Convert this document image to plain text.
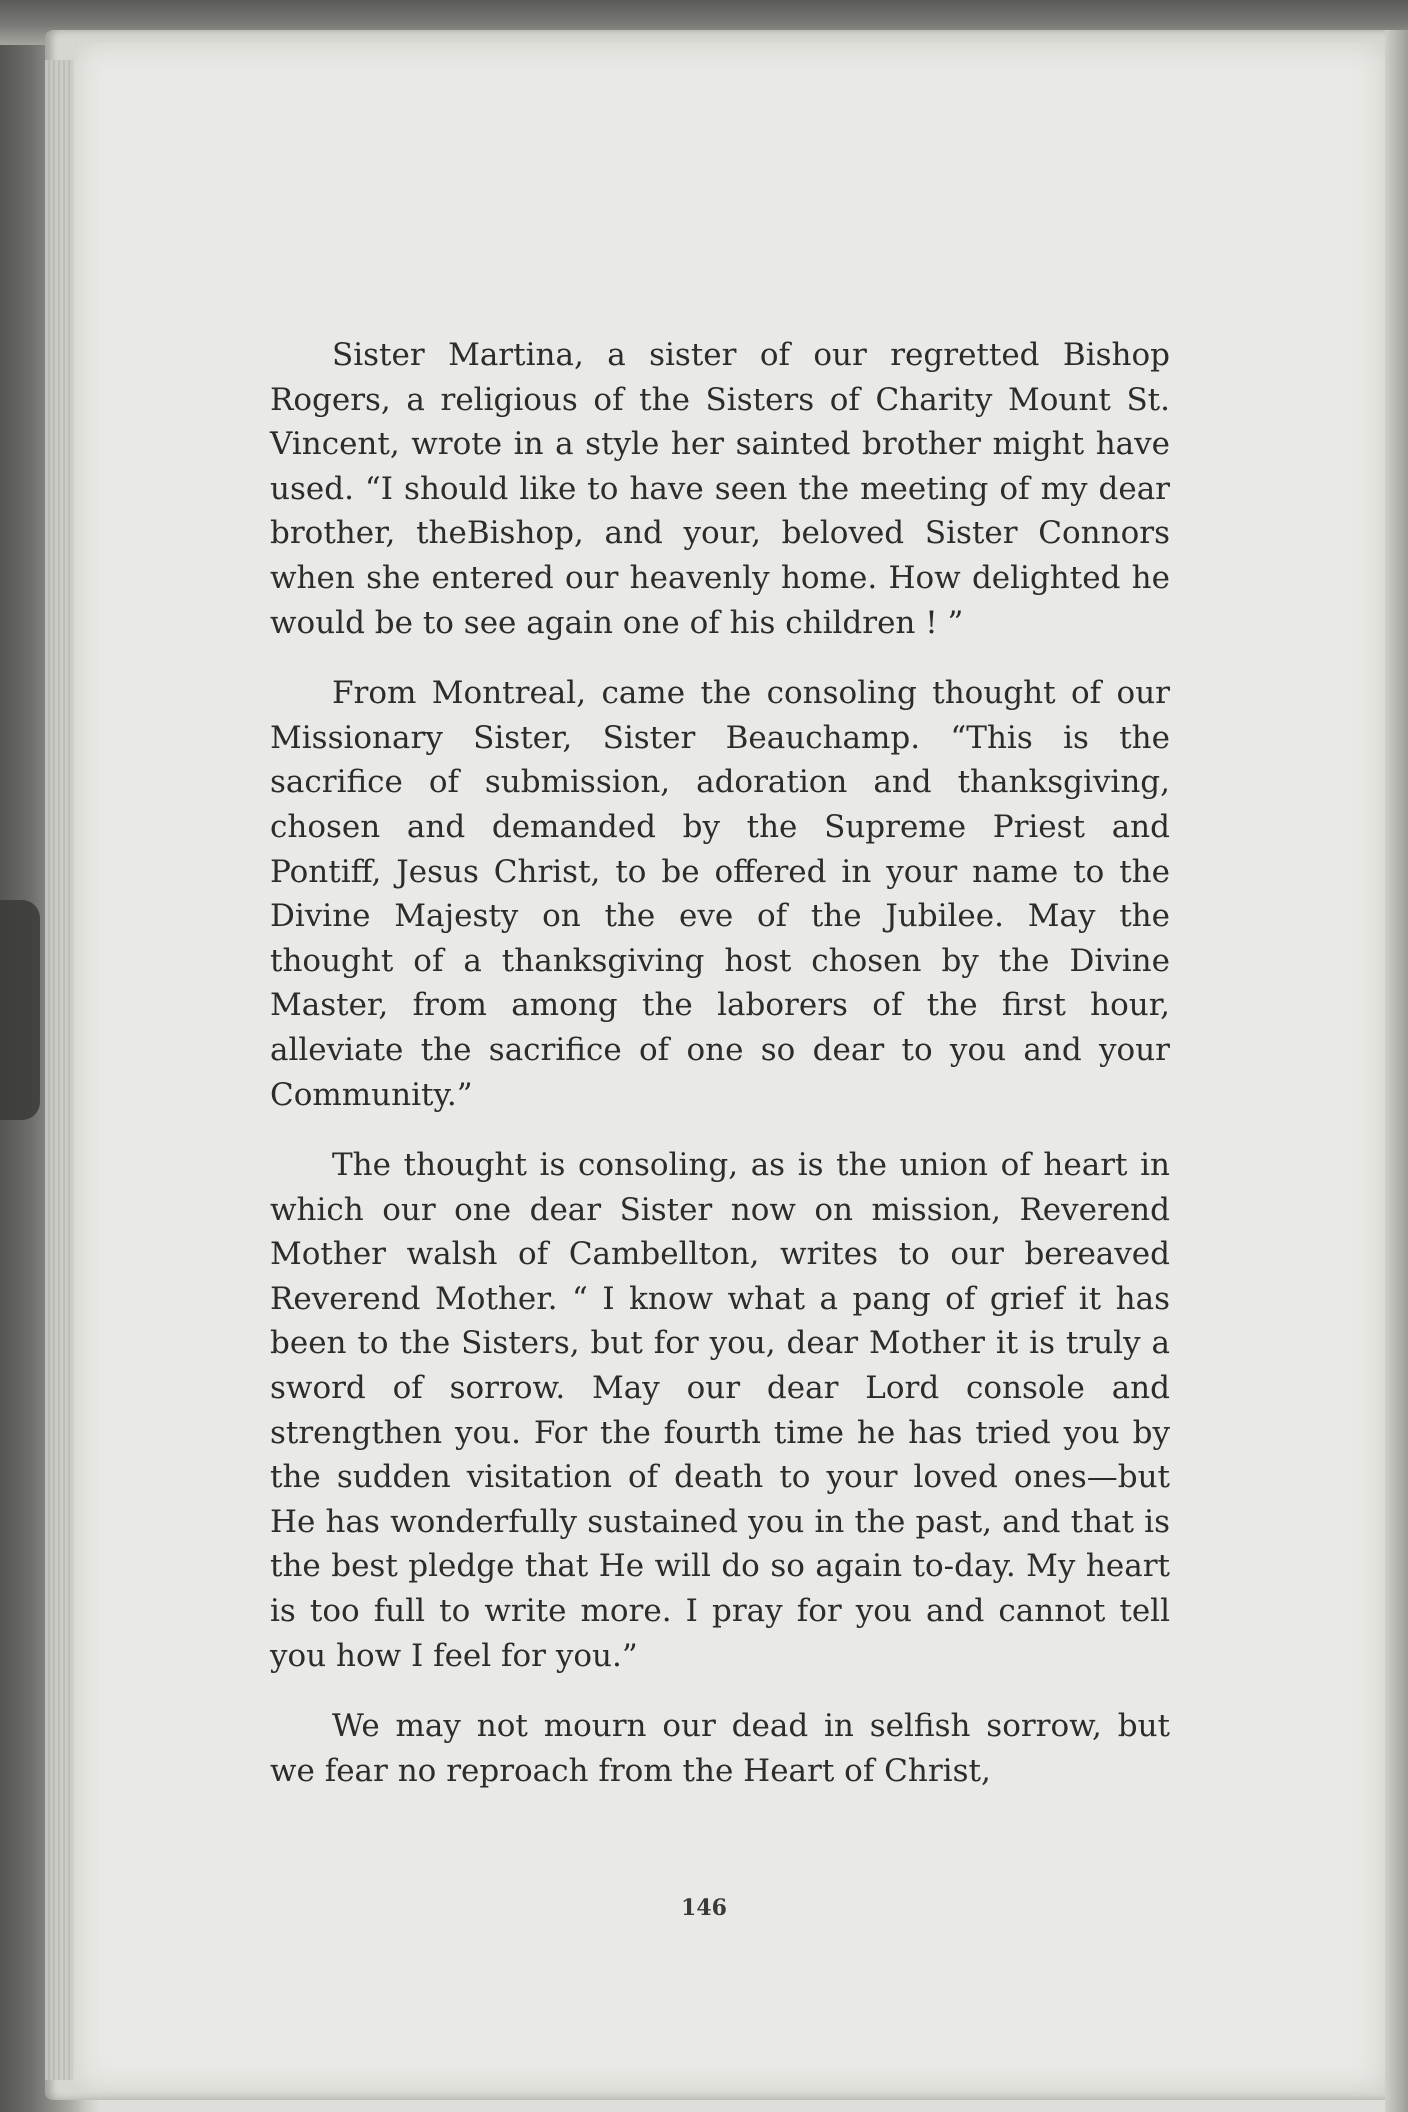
Sister Martina, a sister of our regretted Bishop Rogers, a religious of the Sisters of Charity Mount St. Vincent, wrote in a style her sainted brother might have used. “I should like to have seen the meeting of my dear brother, theBishop, and your, beloved Sister Connors when she entered our heavenly home. How delighted he would be to see again one of his children ! ”

From Montreal, came the consoling thought of our Missionary Sister, Sister Beauchamp. “This is the sacrifice of submission, adoration and thanksgiving, chosen and demanded by the Supreme Priest and Pontiff, Jesus Christ, to be offered in your name to the Divine Majesty on the eve of the Jubilee. May the thought of a thanksgiving host chosen by the Divine Master, from among the laborers of the first hour, alleviate the sacrifice of one so dear to you and your Community.”

The thought is consoling, as is the union of heart in which our one dear Sister now on mission, Reverend Mother walsh of Cambellton, writes to our bereaved Reverend Mother. “ I know what a pang of grief it has been to the Sisters, but for you, dear Mother it is truly a sword of sorrow. May our dear Lord console and strengthen you. For the fourth time he has tried you by the sudden visitation of death to your loved ones—but He has wonderfully sustained you in the past, and that is the best pledge that He will do so again to-day. My heart is too full to write more. I pray for you and cannot tell you how I feel for you.”

We may not mourn our dead in selfish sorrow, but we fear no reproach from the Heart of Christ,

146
